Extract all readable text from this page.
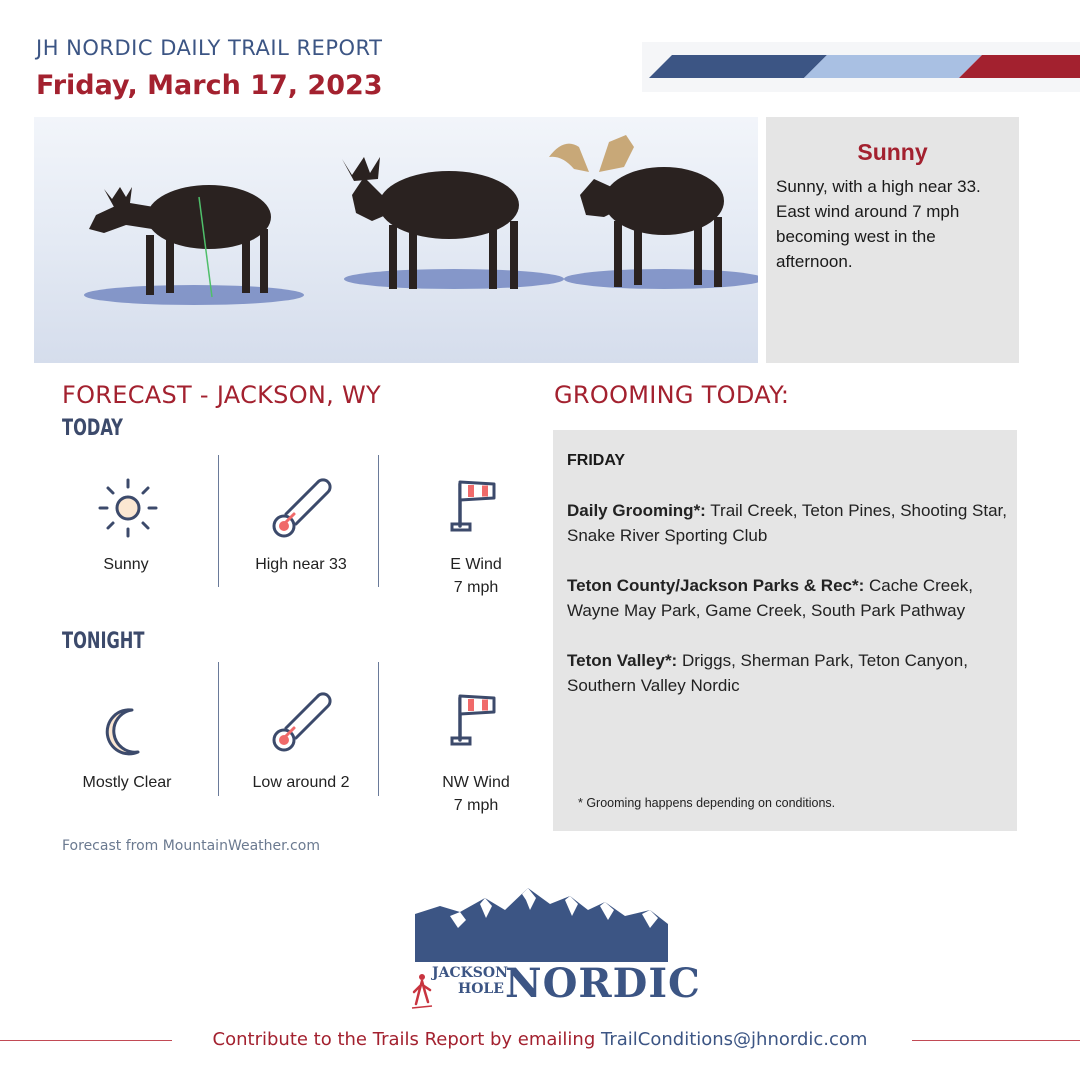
JH NORDIC DAILY TRAIL REPORT
Friday, March 17, 2023
Sunny
Sunny, with a high near 33. East wind around 7 mph becoming west in the afternoon.
FORECAST - JACKSON, WY	GROOMING TODAY:
TODAY
Sunny	High near 33	E Wind
7 mph
TONIGHT
Mostly Clear	Low around 2	NW Wind
7 mph
Forecast from MountainWeather.com
FRIDAY
Daily Grooming*: Trail Creek, Teton Pines, Shooting Star, Snake River Sporting Club
Teton County/Jackson Parks & Rec*: Cache Creek, Wayne May Park, Game Creek, South Park Pathway
Teton Valley*: Driggs, Sherman Park, Teton Canyon, Southern Valley Nordic
* Grooming happens depending on conditions.
JACKSON
HOLE NORDIC
Contribute to the Trails Report by emailing TrailConditions@jhnordic.com
